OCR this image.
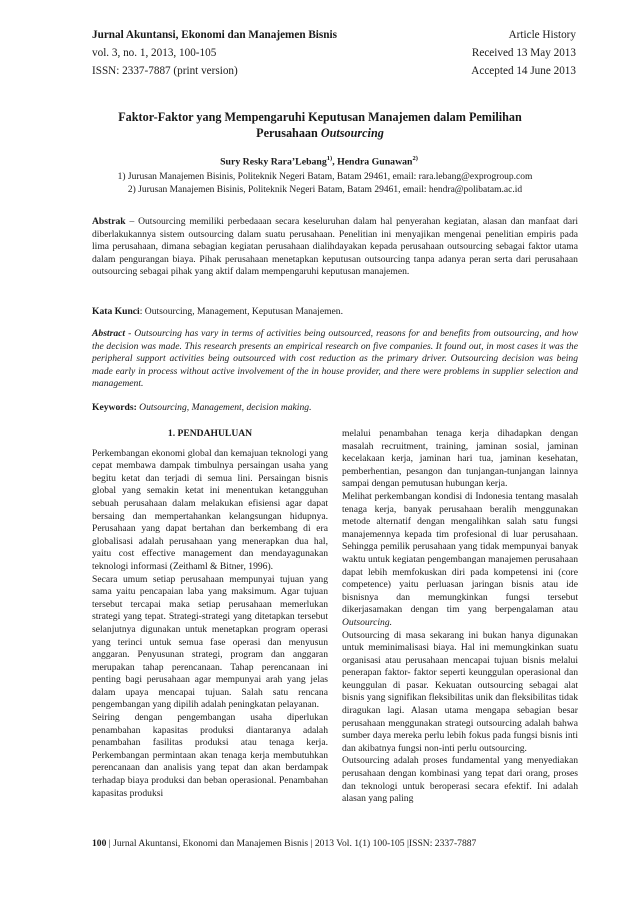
Jurnal Akuntansi, Ekonomi dan Manajemen Bisnis
vol. 3, no. 1, 2013, 100-105
ISSN: 2337-7887 (print version)
Article History
Received 13 May 2013
Accepted 14 June 2013
Faktor-Faktor yang Mempengaruhi Keputusan Manajemen dalam Pemilihan
Perusahaan Outsourcing
Sury Resky Rara’Lebang$^{1)}$, Hendra Gunawan$^{2)}$
1) Jurusan Manajemen Bisinis, Politeknik Negeri Batam, Batam 29461, email: rara.lebang@exprogroup.com
2) Jurusan Manajemen Bisinis, Politeknik Negeri Batam, Batam 29461, email: hendra@polibatam.ac.id
Abstrak – Outsourcing memiliki perbedaaan secara keseluruhan dalam hal penyerahan kegiatan, alasan dan manfaat dari diberlakukannya sistem outsourcing dalam suatu perusahaan. Penelitian ini menyajikan mengenai penelitian empiris pada lima perusahaan, dimana sebagian kegiatan perusahaan dialihdayakan kepada perusahaan outsourcing sebagai faktor utama dalam pengurangan biaya. Pihak perusahaan menetapkan keputusan outsourcing tanpa adanya peran serta dari perusahaan outsourcing sebagai pihak yang aktif dalam mempengaruhi keputusan manajemen.
Kata Kunci: Outsourcing, Management, Keputusan Manajemen.
Abstract - Outsourcing has vary in terms of activities being outsourced, reasons for and benefits from outsourcing, and how the decision was made. This research presents an empirical research on five companies. It found out, in most cases it was the peripheral support activities being outsourced with cost reduction as the primary driver. Outsourcing decision was being made early in process without active involvement of the in house provider, and there were problems in supplier selection and management.
Keywords: Outsourcing, Management, decision making.
1. PENDAHULUAN

Perkembangan ekonomi global dan kemajuan teknologi yang cepat membawa dampak timbulnya persaingan usaha yang begitu ketat dan terjadi di semua lini. Persaingan bisnis global yang semakin ketat ini menentukan ketangguhan sebuah perusahaan dalam melakukan efisiensi agar dapat bersaing dan mempertahankan kelangsungan hidupnya. Perusahaan yang dapat bertahan dan berkembang di era globalisasi adalah perusahaan yang menerapkan dua hal, yaitu cost effective management dan mendayagunakan teknologi informasi (Zeithaml & Bitner, 1996).

Secara umum setiap perusahaan mempunyai tujuan yang sama yaitu pencapaian laba yang maksimum. Agar tujuan tersebut tercapai maka setiap perusahaan memerlukan strategi yang tepat. Strategi-strategi yang ditetapkan tersebut selanjutnya digunakan untuk menetapkan program operasi yang terinci untuk semua fase operasi dan menyusun anggaran. Penyusunan strategi, program dan anggaran merupakan tahap perencanaan. Tahap perencanaan ini penting bagi perusahaan agar mempunyai arah yang jelas dalam upaya mencapai tujuan. Salah satu rencana pengembangan yang dipilih adalah peningkatan pelayanan.

Seiring dengan pengembangan usaha diperlukan penambahan kapasitas produksi diantaranya adalah penambahan fasilitas produksi atau tenaga kerja. Perkembangan permintaan akan tenaga kerja membutuhkan perencanaan dan analisis yang tepat dan akan berdampak terhadap biaya produksi dan beban operasional. Penambahan kapasitas produksi

melalui penambahan tenaga kerja dihadapkan dengan masalah recruitment, training, jaminan sosial, jaminan kecelakaan kerja, jaminan hari tua, jaminan kesehatan, pemberhentian, pesangon dan tunjangan-tunjangan lainnya sampai dengan pemutusan hubungan kerja.

Melihat perkembangan kondisi di Indonesia tentang masalah tenaga kerja, banyak perusahaan beralih menggunakan metode alternatif dengan mengalihkan salah satu fungsi manajemennya kepada tim profesional di luar perusahaan. Sehingga pemilik perusahaan yang tidak mempunyai banyak waktu untuk kegiatan pengembangan manajemen perusahaan dapat lebih memfokuskan diri pada kompetensi ini (core competence) yaitu perluasan jaringan bisnis atau ide bisnisnya dan memungkinkan fungsi tersebut dikerjasamakan dengan tim yang berpengalaman atau Outsourcing.

Outsourcing di masa sekarang ini bukan hanya digunakan untuk meminimalisasi biaya. Hal ini memungkinkan suatu organisasi atau perusahaan mencapai tujuan bisnis melalui penerapan faktor- faktor seperti keunggulan operasional dan keunggulan di pasar. Kekuatan outsourcing sebagai alat bisnis yang signifikan fleksibilitas unik dan fleksibilitas tidak diragukan lagi. Alasan utama mengapa sebagian besar perusahaan menggunakan strategi outsourcing adalah bahwa sumber daya mereka perlu lebih fokus pada fungsi bisnis inti dan akibatnya fungsi non-inti perlu outsourcing.

Outsourcing adalah proses fundamental yang menyediakan perusahaan dengan kombinasi yang tepat dari orang, proses dan teknologi untuk beroperasi secara efektif. Ini adalah alasan yang paling

100 | Jurnal Akuntansi, Ekonomi dan Manajemen Bisnis | 2013 Vol. 1(1) 100-105 |ISSN: 2337-7887
